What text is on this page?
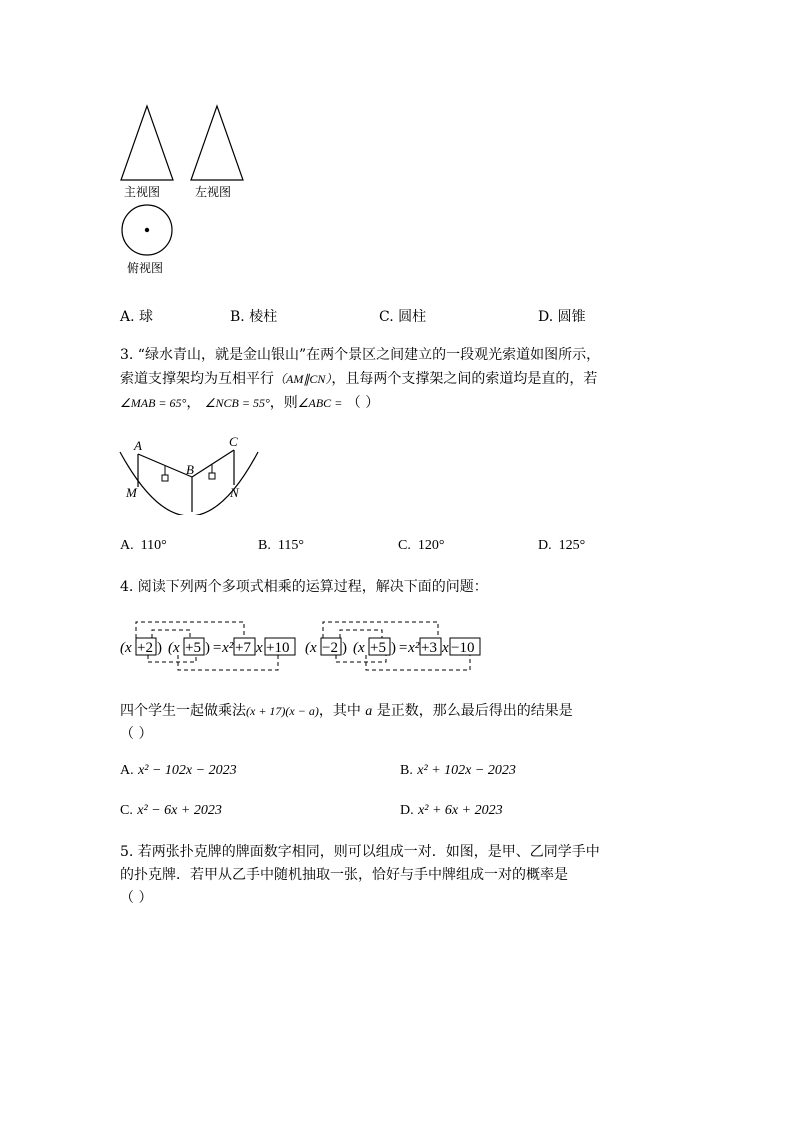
主视图	左视图
俯视图
A. 球	B. 棱柱	C. 圆柱	D. 圆锥
3. “绿水青山，就是金山银山”在两个景区之间建立的一段观光索道如图所示，
索道支撑架均为互相平行（AM∥CN），且每两个支撑架之间的索道均是直的，若
∠MAB = 65°， ∠NCB = 55°，则∠ABC = （ ）
A
B
C
M	N
A. 110°	B. 115°	C. 120°	D. 125°
4. 阅读下列两个多项式相乘的运算过程，解决下面的问题：
(x +2 ) (x +5 ) =x² +7 x +10 (x −2 ) (x +5 ) =x² +3 x −10
四个学生一起做乘法(x + 17)(x − a)，其中 a 是正数，那么最后得出的结果是
（ ）
A. x² − 102x − 2023	B. x² + 102x − 2023
C. x² − 6x + 2023	D. x² + 6x + 2023
5. 若两张扑克牌的牌面数字相同，则可以组成一对．如图，是甲、乙同学手中
的扑克牌．若甲从乙手中随机抽取一张，恰好与手中牌组成一对的概率是
（ ）
